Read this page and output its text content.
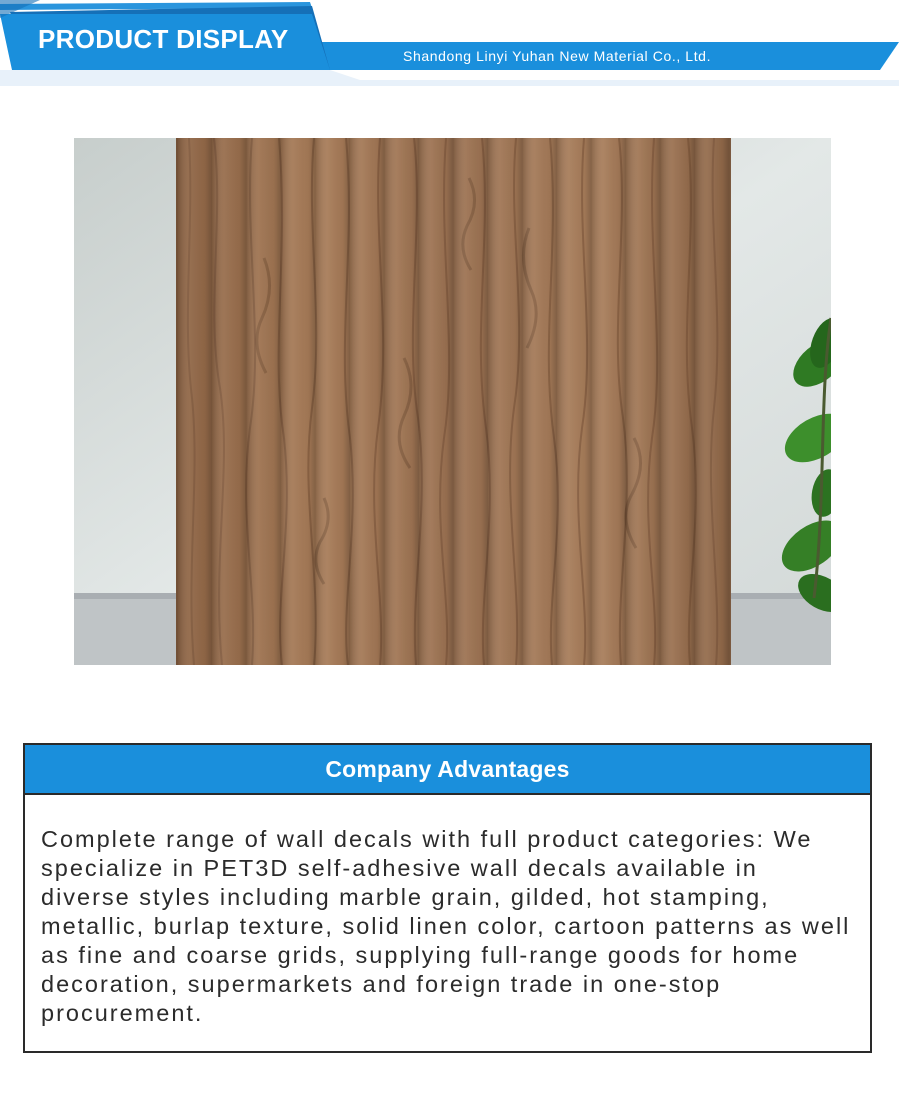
PRODUCT DISPLAY
Shandong Linyi Yuhan New Material Co., Ltd.
Company Advantages
Complete range of wall decals with full product categories: We specialize in PET3D self-adhesive wall decals available in diverse styles including marble grain, gilded, hot stamping, metallic, burlap texture, solid linen color, cartoon patterns as well as fine and coarse grids, supplying full-range goods for home decoration, supermarkets and foreign trade in one-stop procurement.
